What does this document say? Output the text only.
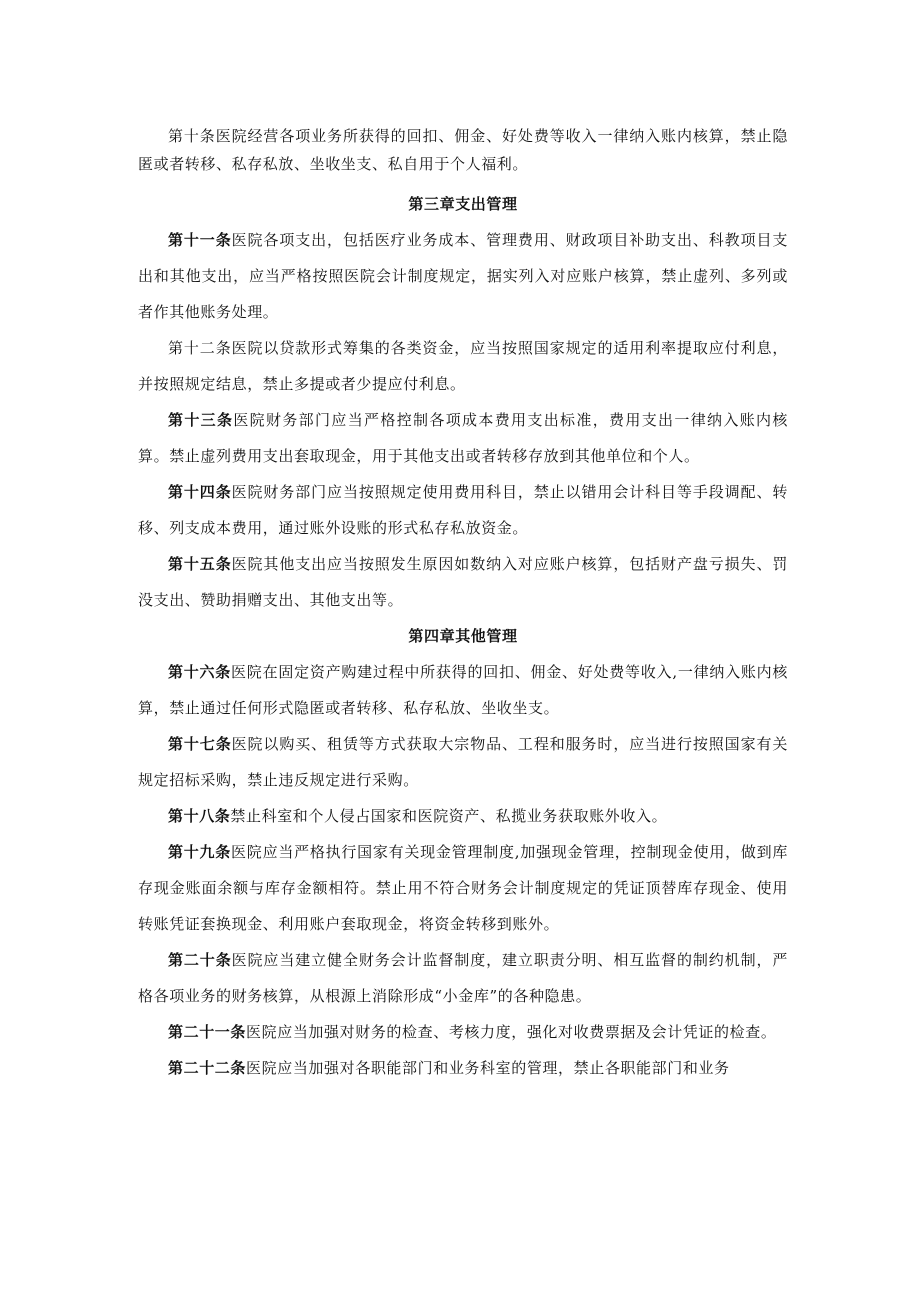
第十条医院经营各项业务所获得的回扣、佣金、好处费等收入一律纳入账内核算，禁止隐匿或者转移、私存私放、坐收坐支、私自用于个人福利。

第三章支出管理

第十一条医院各项支出，包括医疗业务成本、管理费用、财政项目补助支出、科教项目支出和其他支出，应当严格按照医院会计制度规定，据实列入对应账户核算，禁止虚列、多列或者作其他账务处理。

第十二条医院以贷款形式筹集的各类资金，应当按照国家规定的适用利率提取应付利息，并按照规定结息，禁止多提或者少提应付利息。

第十三条医院财务部门应当严格控制各项成本费用支出标准，费用支出一律纳入账内核算。禁止虚列费用支出套取现金，用于其他支出或者转移存放到其他单位和个人。

第十四条医院财务部门应当按照规定使用费用科目，禁止以错用会计科目等手段调配、转移、列支成本费用，通过账外设账的形式私存私放资金。

第十五条医院其他支出应当按照发生原因如数纳入对应账户核算，包括财产盘亏损失、罚没支出、赞助捐赠支出、其他支出等。

第四章其他管理

第十六条医院在固定资产购建过程中所获得的回扣、佣金、好处费等收入,一律纳入账内核算，禁止通过任何形式隐匿或者转移、私存私放、坐收坐支。

第十七条医院以购买、租赁等方式获取大宗物品、工程和服务时，应当进行按照国家有关规定招标采购，禁止违反规定进行采购。

第十八条禁止科室和个人侵占国家和医院资产、私揽业务获取账外收入。

第十九条医院应当严格执行国家有关现金管理制度,加强现金管理，控制现金使用，做到库存现金账面余额与库存金额相符。禁止用不符合财务会计制度规定的凭证顶替库存现金、使用转账凭证套换现金、利用账户套取现金，将资金转移到账外。

第二十条医院应当建立健全财务会计监督制度，建立职责分明、相互监督的制约机制，严格各项业务的财务核算，从根源上消除形成“小金库”的各种隐患。

第二十一条医院应当加强对财务的检查、考核力度，强化对收费票据及会计凭证的检查。

第二十二条医院应当加强对各职能部门和业务科室的管理，禁止各职能部门和业务
